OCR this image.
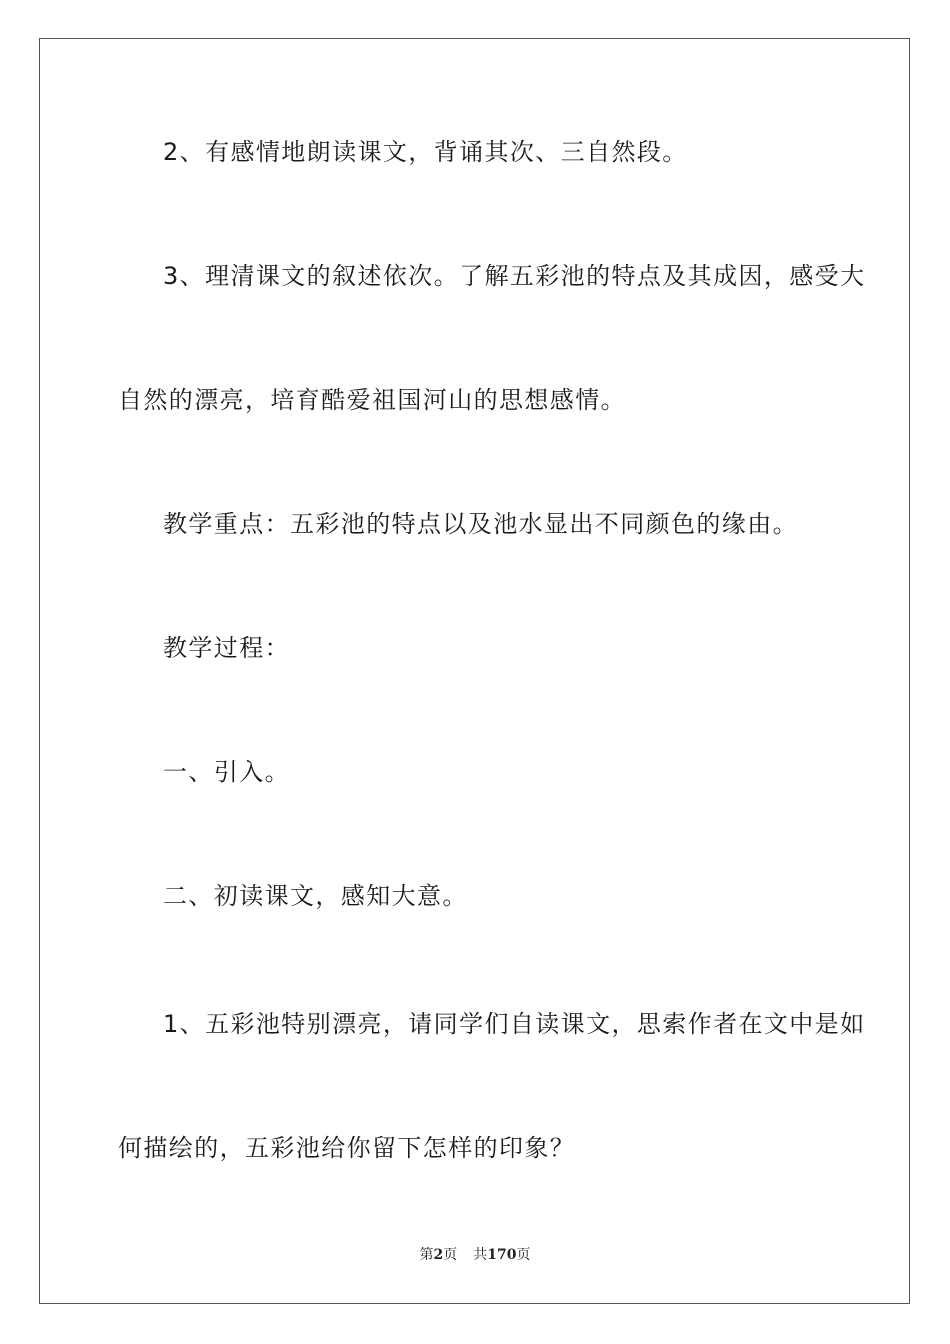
2、有感情地朗读课文，背诵其次、三自然段。
3、理清课文的叙述依次。了解五彩池的特点及其成因，感受大
自然的漂亮，培育酷爱祖国河山的思想感情。
教学重点：五彩池的特点以及池水显出不同颜色的缘由。
教学过程：
一、引入。
二、初读课文，感知大意。
1、五彩池特别漂亮，请同学们自读课文，思索作者在文中是如
何描绘的，五彩池给你留下怎样的印象？
第2页 共170页
